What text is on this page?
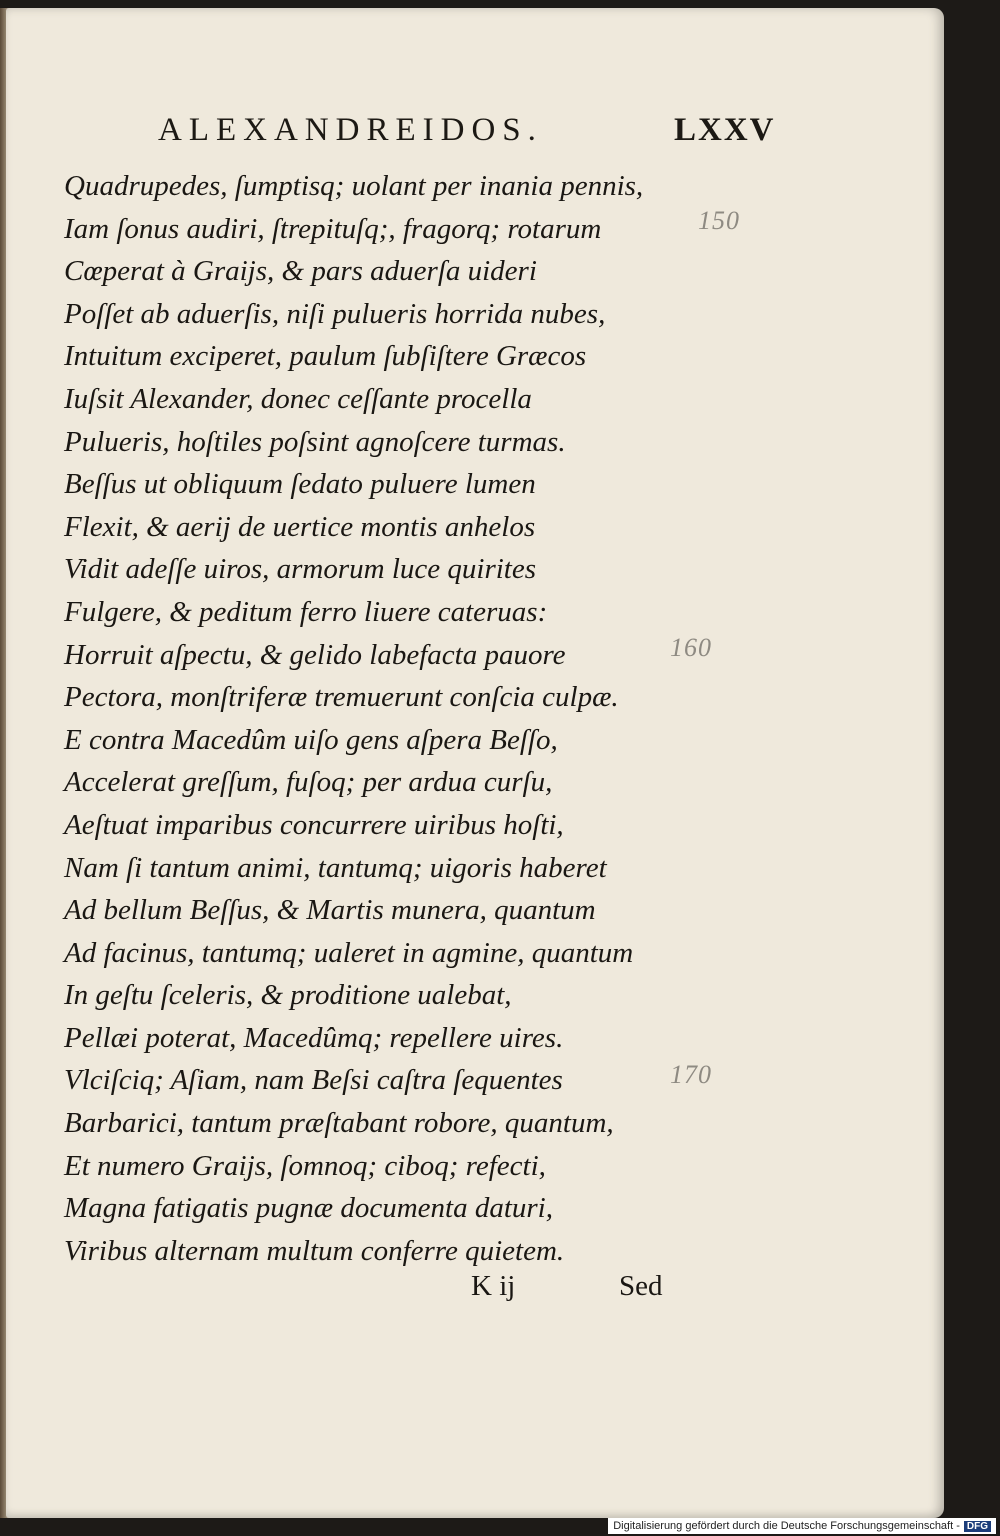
ALEXANDREIDOS.	LXXV
Quadrupedes, ſumptisq; uolant per inania pennis,
Iam ſonus audiri, ſtrepituſq;, fragorq; rotarum
Cœperat à Graijs, & pars aduerſa uideri
Poſſet ab aduerſis, niſi pulueris horrida nubes,
Intuitum exciperet, paulum ſubſiſtere Græcos
Iuſsit Alexander, donec ceſſante procella
Pulueris, hoſtiles poſsint agnoſcere turmas.
Beſſus ut obliquum ſedato puluere lumen
Flexit, & aerij de uertice montis anhelos
Vidit adeſſe uiros, armorum luce quirites
Fulgere, & peditum ferro liuere cateruas:
Horruit aſpectu, & gelido labefacta pauore
Pectora, monſtriferæ tremuerunt conſcia culpæ.
E contra Macedûm uiſo gens aſpera Beſſo,
Accelerat greſſum, fuſoq; per ardua curſu,
Aeſtuat imparibus concurrere uiribus hoſti,
Nam ſi tantum animi, tantumq; uigoris haberet
Ad bellum Beſſus, & Martis munera, quantum
Ad facinus, tantumq; ualeret in agmine, quantum
In geſtu ſceleris, & proditione ualebat,
Pellæi poterat, Macedûmq; repellere uires.
Vlciſciq; Aſiam, nam Beſsi caſtra ſequentes
Barbarici, tantum præſtabant robore, quantum,
Et numero Graijs, ſomnoq; ciboq; refecti,
Magna fatigatis pugnæ documenta daturi,
Viribus alternam multum conferre quietem.
K ij	Sed
150
160
170
Digitalisierung gefördert durch die Deutsche Forschungsgemeinschaft - DFG
